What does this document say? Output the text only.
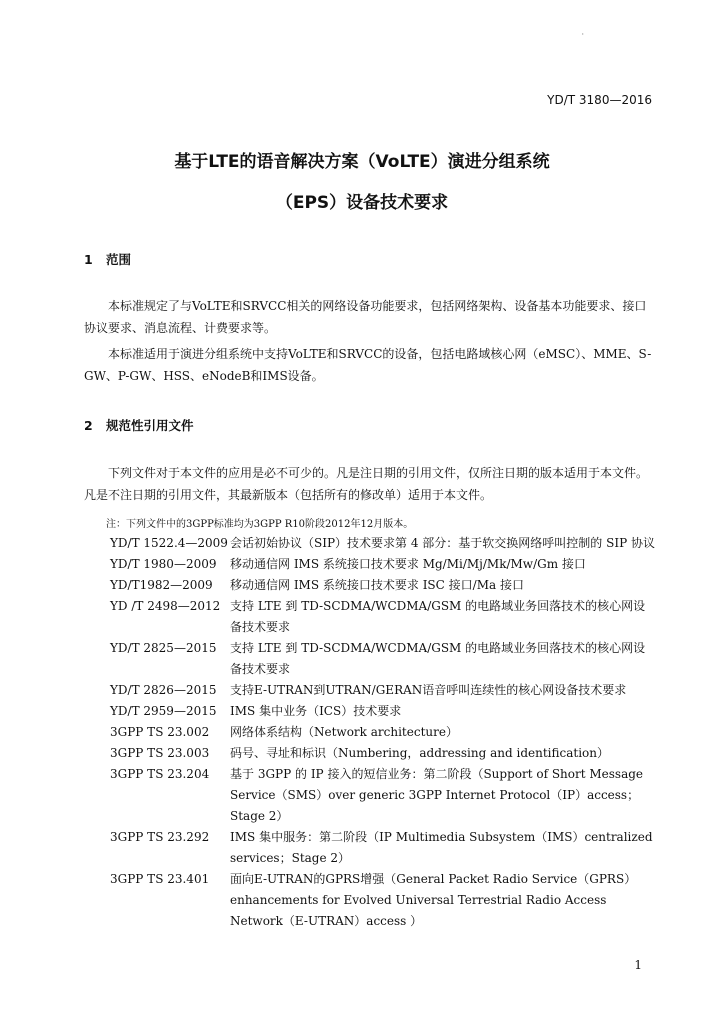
·
YD/T 3180—2016
基于LTE的语音解决方案（VoLTE）演进分组系统
（EPS）设备技术要求
1 范围
本标准规定了与VoLTE和SRVCC相关的网络设备功能要求，包括网络架构、设备基本功能要求、接口协议要求、消息流程、计费要求等。
本标准适用于演进分组系统中支持VoLTE和SRVCC的设备，包括电路域核心网（eMSC）、MME、S-GW、P-GW、HSS、eNodeB和IMS设备。
2 规范性引用文件
下列文件对于本文件的应用是必不可少的。凡是注日期的引用文件，仅所注日期的版本适用于本文件。凡是不注日期的引用文件，其最新版本（包括所有的修改单）适用于本文件。
注：下列文件中的3GPP标准均为3GPP R10阶段2012年12月版本。
YD/T 1522.4—2009 会话初始协议（SIP）技术要求第 4 部分：基于软交换网络呼叫控制的 SIP 协议
YD/T 1980—2009	移动通信网 IMS 系统接口技术要求 Mg/Mi/Mj/Mk/Mw/Gm 接口
YD/T1982—2009	移动通信网 IMS 系统接口技术要求 ISC 接口/Ma 接口
YD /T 2498—2012 支持 LTE 到 TD-SCDMA/WCDMA/GSM 的电路域业务回落技术的核心网设备技术要求
YD/T 2825—2015	支持 LTE 到 TD-SCDMA/WCDMA/GSM 的电路域业务回落技术的核心网设备技术要求
YD/T 2826—2015	支持E-UTRAN到UTRAN/GERAN语音呼叫连续性的核心网设备技术要求
YD/T 2959—2015	IMS 集中业务（ICS）技术要求
3GPP TS 23.002	网络体系结构（Network architecture）
3GPP TS 23.003	码号、寻址和标识（Numbering，addressing and identification）
3GPP TS 23.204	基于 3GPP 的 IP 接入的短信业务：第二阶段（Support of Short Message Service（SMS）over generic 3GPP Internet Protocol（IP）access；Stage 2）
3GPP TS 23.292	IMS 集中服务：第二阶段（IP Multimedia Subsystem（IMS）centralized services；Stage 2）
3GPP TS 23.401	面向E-UTRAN的GPRS增强（General Packet Radio Service（GPRS）enhancements for Evolved Universal Terrestrial Radio Access Network（E-UTRAN）access ）
1
